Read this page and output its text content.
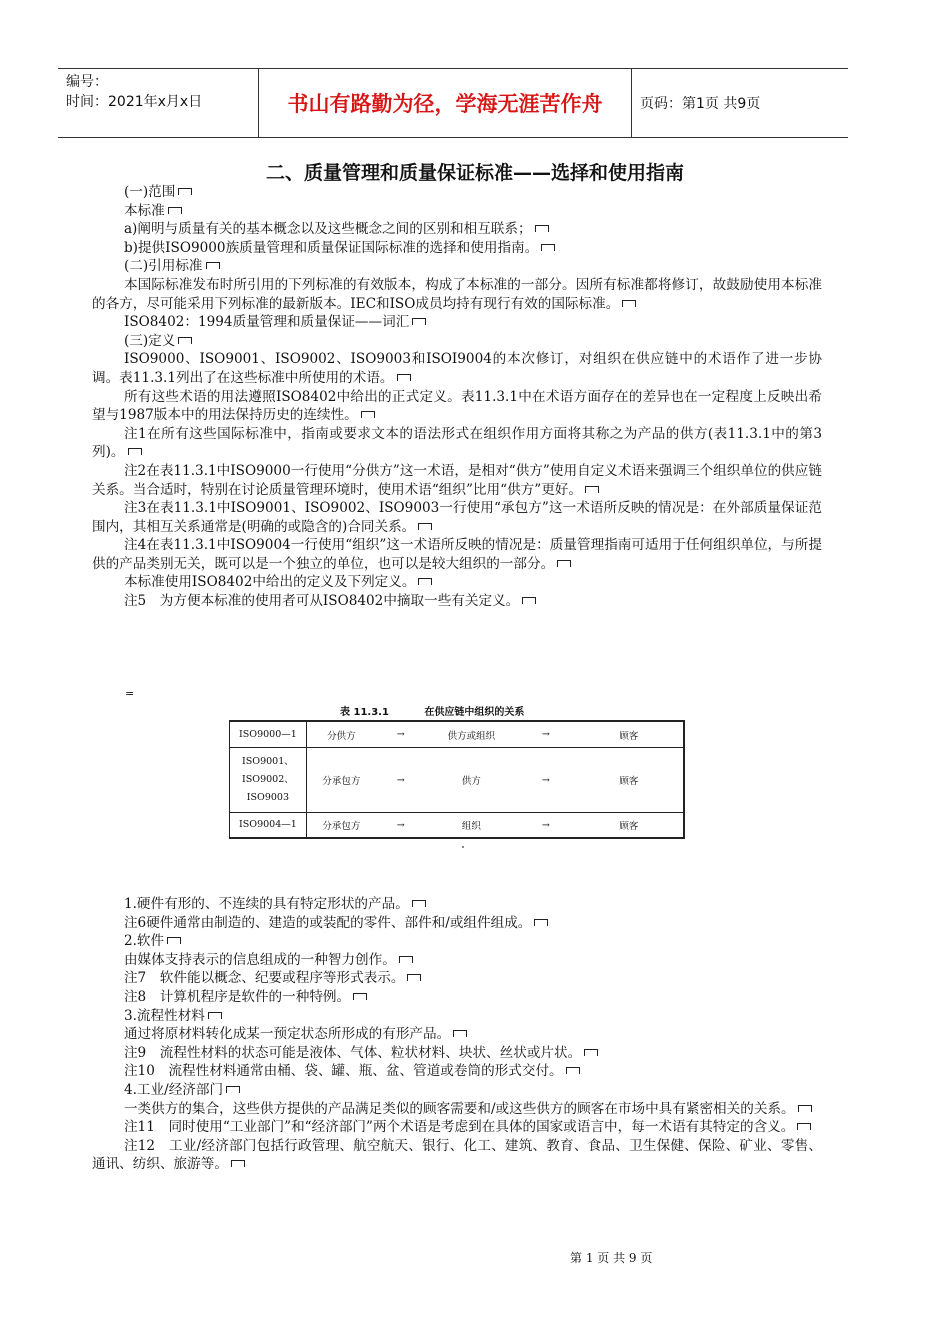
编号：
时间：2021年x月x日	书山有路勤为径，学海无涯苦作舟	页码：第1页 共9页
二、质量管理和质量保证标准——选择和使用指南

(一)范围

本标准

a)阐明与质量有关的基本概念以及这些概念之间的区别和相互联系；

b)提供ISO9000族质量管理和质量保证国际标准的选择和使用指南。

(二)引用标准

本国际标准发布时所引用的下列标准的有效版本，构成了本标准的一部分。因所有标准都将修订，故鼓励使用本标准的各方，尽可能采用下列标准的最新版本。IEC和ISO成员均持有现行有效的国际标准。

ISO8402：1994质量管理和质量保证——词汇

(三)定义

ISO9000、ISO9001、ISO9002、ISO9003和ISOI9004的本次修订，对组织在供应链中的术语作了进一步协调。表11.3.1列出了在这些标准中所使用的术语。

所有这些术语的用法遵照ISO8402中给出的正式定义。表11.3.1中在术语方面存在的差异也在一定程度上反映出希望与1987版本中的用法保持历史的连续性。

注1在所有这些国际标准中，指南或要求文本的语法形式在组织作用方面将其称之为产品的供方(表11.3.1中的第3列)。

注2在表11.3.1中ISO9000一行使用“分供方”这一术语，是相对“供方”使用自定义术语来强调三个组织单位的供应链关系。当合适时，特别在讨论质量管理环境时，使用术语“组织”比用“供方”更好。

注3在表11.3.1中ISO9001、ISO9002、ISO9003一行使用“承包方”这一术语所反映的情况是：在外部质量保证范围内，其相互关系通常是(明确的或隐含的)合同关系。

注4在表11.3.1中ISO9004一行使用“组织”这一术语所反映的情况是：质量管理指南可适用于任何组织单位，与所提供的产品类别无关，既可以是一个独立的单位，也可以是较大组织的一部分。

本标准使用ISO8402中给出的定义及下列定义。

注5　为方便本标准的使用者可从ISO8402中摘取一些有关定义。

=
表 11.3.1	在供应链中组织的关系
ISO9000—1	分供方	→	供方或组织	→	顾客

ISO9001、
ISO9002、
ISO9003	分承包方	→	供方	→	顾客

ISO9004—1	分承包方	→	组织	→	顾客

1.硬件有形的、不连续的具有特定形状的产品。

注6硬件通常由制造的、建造的或装配的零件、部件和/或组件组成。

2.软件

由媒体支持表示的信息组成的一种智力创作。

注7　软件能以概念、纪要或程序等形式表示。

注8　计算机程序是软件的一种特例。

3.流程性材料

通过将原材料转化成某一预定状态所形成的有形产品。

注9　流程性材料的状态可能是液体、气体、粒状材料、块状、丝状或片状。

注10　流程性材料通常由桶、袋、罐、瓶、盆、管道或卷筒的形式交付。

4.工业/经济部门

一类供方的集合，这些供方提供的产品满足类似的顾客需要和/或这些供方的顾客在市场中具有紧密相关的关系。

注11　同时使用“工业部门”和“经济部门”两个术语是考虑到在具体的国家或语言中，每一术语有其特定的含义。

注12　工业/经济部门包括行政管理、航空航天、银行、化工、建筑、教育、食品、卫生保健、保险、矿业、零售、通讯、纺织、旅游等。

第 1 页 共 9 页
